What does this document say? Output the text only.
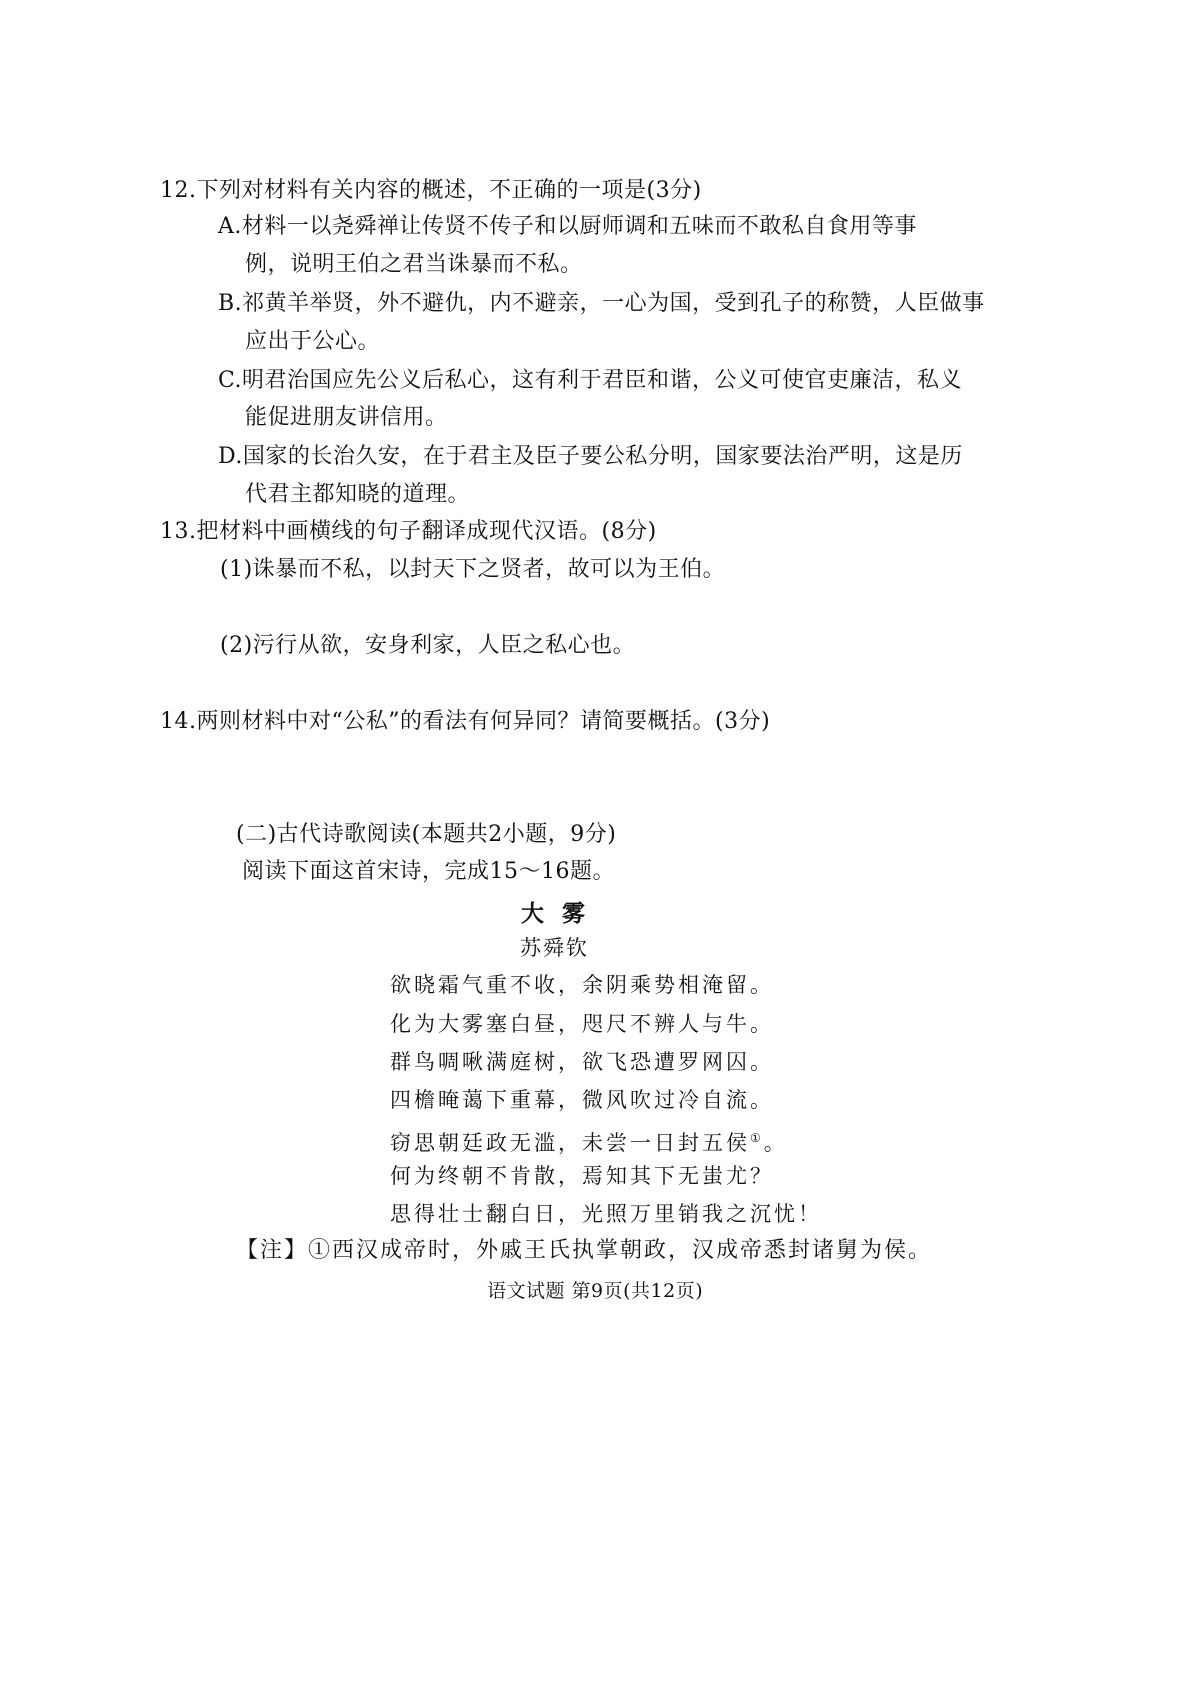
12.下列对材料有关内容的概述，不正确的一项是(3分)
A.材料一以尧舜禅让传贤不传子和以厨师调和五味而不敢私自食用等事
例，说明王伯之君当诛暴而不私。
B.祁黄羊举贤，外不避仇，内不避亲，一心为国，受到孔子的称赞，人臣做事
应出于公心。
C.明君治国应先公义后私心，这有利于君臣和谐，公义可使官吏廉洁，私义
能促进朋友讲信用。
D.国家的长治久安，在于君主及臣子要公私分明，国家要法治严明，这是历
代君主都知晓的道理。
13.把材料中画横线的句子翻译成现代汉语。(8分)
(1)诛暴而不私，以封天下之贤者，故可以为王伯。
(2)污行从欲，安身利家，人臣之私心也。
14.两则材料中对“公私”的看法有何异同？请简要概括。(3分)
(二)古代诗歌阅读(本题共2小题，9分)
阅读下面这首宋诗，完成15～16题。
大雾
苏舜钦
欲晓霜气重不收，余阴乘势相淹留。
化为大雾塞白昼，咫尺不辨人与牛。
群鸟啁啾满庭树，欲飞恐遭罗网囚。
四檐晻蔼下重幕，微风吹过冷自流。
窃思朝廷政无滥，未尝一日封五侯①。
何为终朝不肯散，焉知其下无蚩尤？
思得壮士翻白日，光照万里销我之沉忧！
【注】①西汉成帝时，外戚王氏执掌朝政，汉成帝悉封诸舅为侯。
语文试题 第9页(共12页)
